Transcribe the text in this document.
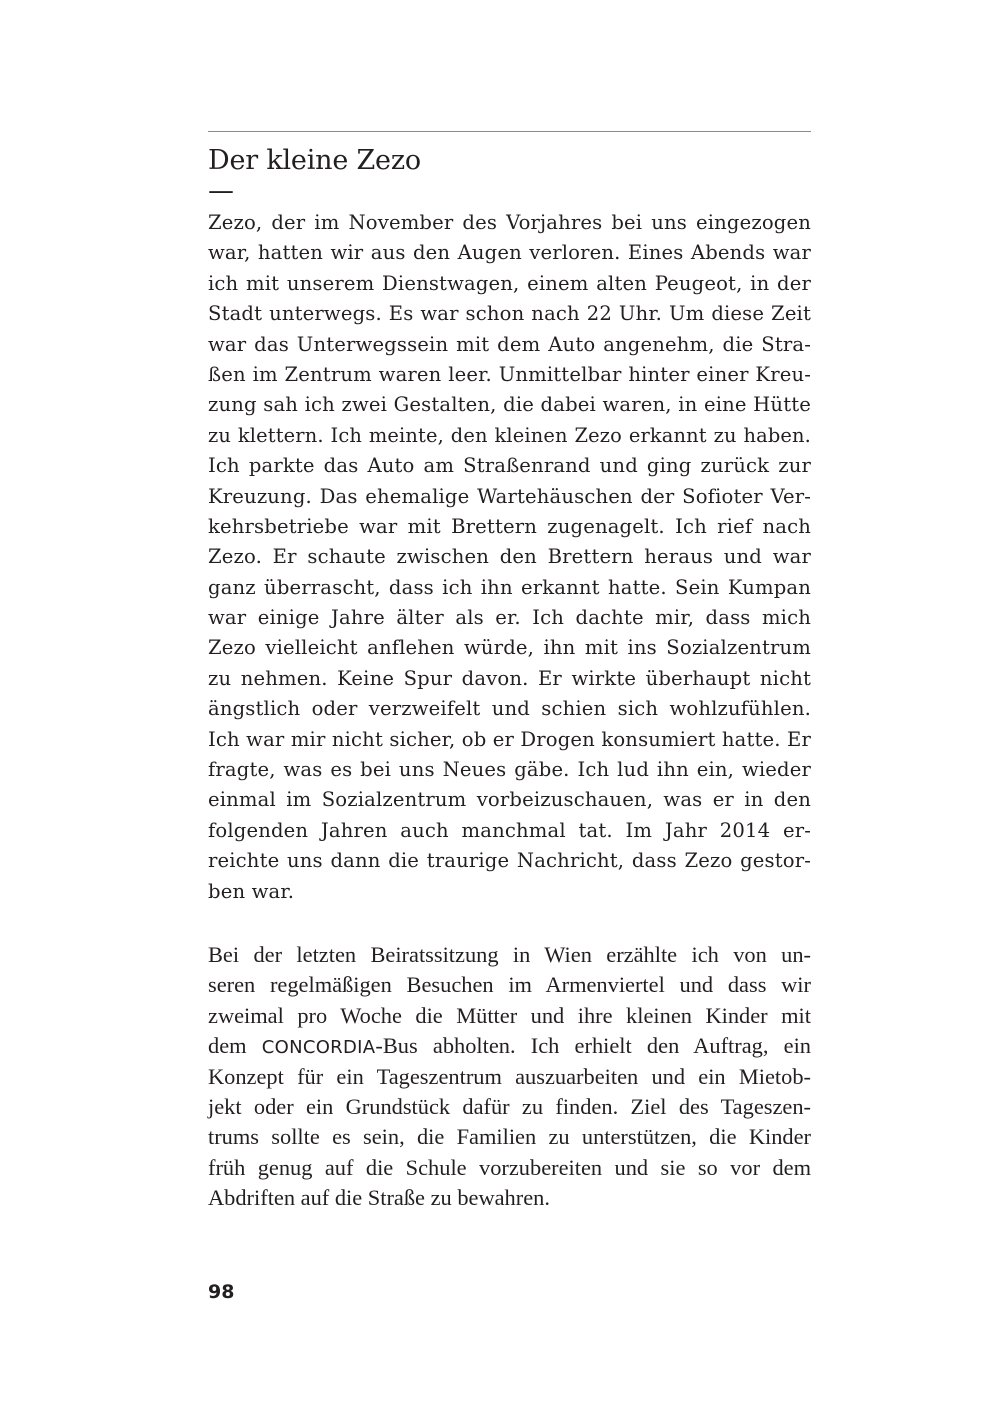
Der kleine Zezo
—
Zezo, der im November des Vorjahres bei uns eingezogen
war, hatten wir aus den Augen verloren. Eines Abends war
ich mit unserem Dienstwagen, einem alten Peugeot, in der
Stadt unterwegs. Es war schon nach 22 Uhr. Um diese Zeit
war das Unterwegssein mit dem Auto angenehm, die Stra-
ßen im Zentrum waren leer. Unmittelbar hinter einer Kreu-
zung sah ich zwei Gestalten, die dabei waren, in eine Hütte
zu klettern. Ich meinte, den kleinen Zezo erkannt zu haben.
Ich parkte das Auto am Straßenrand und ging zurück zur
Kreuzung. Das ehemalige Wartehäuschen der Sofioter Ver-
kehrsbetriebe war mit Brettern zugenagelt. Ich rief nach
Zezo. Er schaute zwischen den Brettern heraus und war
ganz überrascht, dass ich ihn erkannt hatte. Sein Kumpan
war einige Jahre älter als er. Ich dachte mir, dass mich
Zezo vielleicht anflehen würde, ihn mit ins Sozialzentrum
zu nehmen. Keine Spur davon. Er wirkte überhaupt nicht
ängstlich oder verzweifelt und schien sich wohlzufühlen.
Ich war mir nicht sicher, ob er Drogen konsumiert hatte. Er
fragte, was es bei uns Neues gäbe. Ich lud ihn ein, wieder
einmal im Sozialzentrum vorbeizuschauen, was er in den
folgenden Jahren auch manchmal tat. Im Jahr 2014 er-
reichte uns dann die traurige Nachricht, dass Zezo gestor-
ben war.
Bei der letzten Beiratssitzung in Wien erzählte ich von un-
seren regelmäßigen Besuchen im Armenviertel und dass wir
zweimal pro Woche die Mütter und ihre kleinen Kinder mit
dem CONCORDIA-Bus abholten. Ich erhielt den Auftrag, ein
Konzept für ein Tageszentrum auszuarbeiten und ein Mietob-
jekt oder ein Grundstück dafür zu finden. Ziel des Tageszen-
trums sollte es sein, die Familien zu unterstützen, die Kinder
früh genug auf die Schule vorzubereiten und sie so vor dem
Abdriften auf die Straße zu bewahren.
98
